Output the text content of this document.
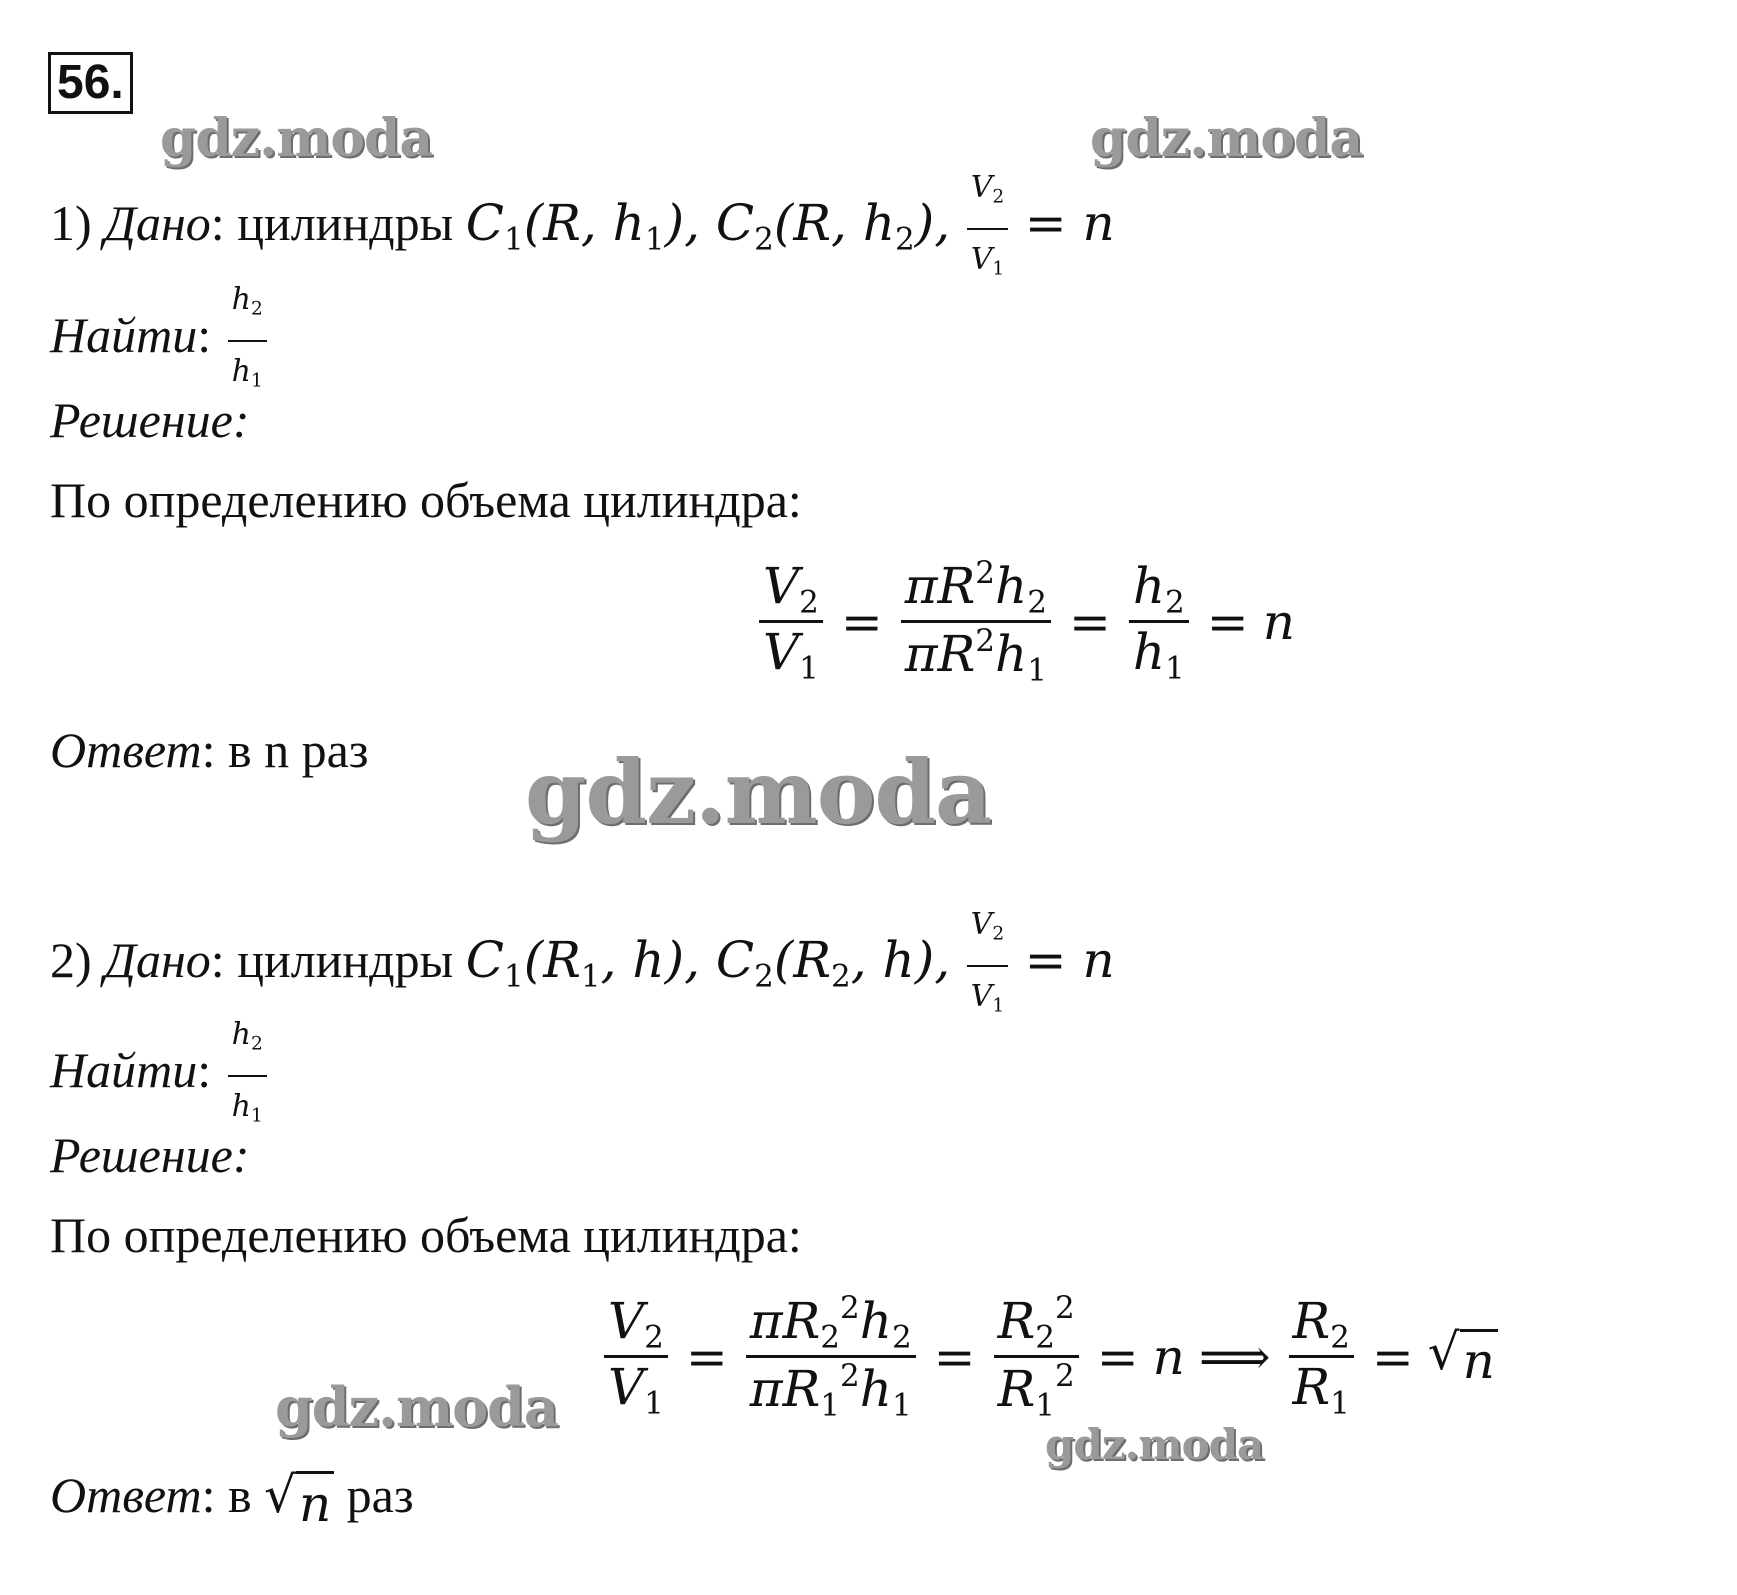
56.
gdz.moda	gdz.moda
gdz.moda
gdz.moda
gdz.moda
1) Дано: цилиндры $C_1(R$, $h_1$), $C_2(R$, $h_2$), $\frac{V_2}{V_1} = n$
Найти: $\frac{h_2}{h_1}$
Решение:
По определению объема цилиндра:
$\frac{V_2}{V_1} = \frac{\pi R^2h_2}{\pi R^2h_1} = \frac{h_2}{h_1} = n$
Ответ: в n раз
2) Дано: цилиндры $C_1(R_1$, h), $C_2(R_2$, h), $\frac{V_2}{V_1} = n$
Найти: $\frac{h_2}{h_1}$
Решение:
По определению объема цилиндра:
$\frac{V_2}{V_1} = \frac{\pi R_2^2h_2}{\pi R_1^2h_1} = \frac{R_2^2}{R_1^2} = n$ ⟹ $\frac{R_2}{R_1}$ = √ n
Ответ: в √ n раз
